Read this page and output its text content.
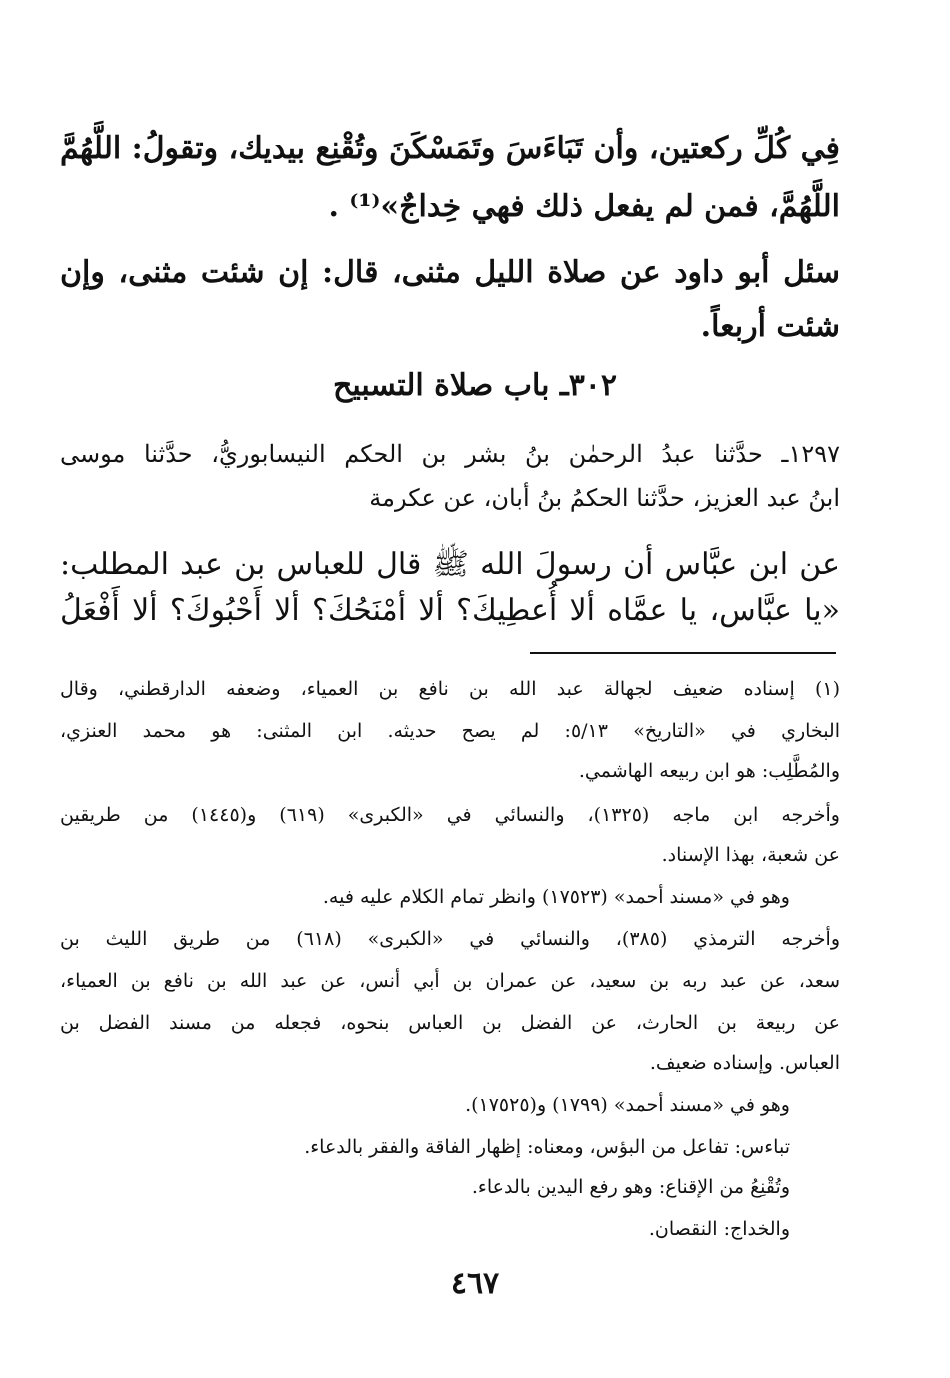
فِي كُلِّ ركعتين، وأن تَبَاءَسَ وتَمَسْكَنَ وتُقْنِع بيديك، وتقولُ: اللَّهُمَّ
اللَّهُمَّ، فمن لم يفعل ذلك فهي خِداجٌ»⁽¹⁾ .
سئل أبو داود عن صلاة الليل مثنى، قال: إن شئت مثنى، وإن
شئت أربعاً.
٣٠٢ـ باب صلاة التسبيح
١٢٩٧ـ حدَّثنا عبدُ الرحمٰن بنُ بشر بن الحكم النيسابوريُّ، حدَّثنا موسى
ابنُ عبد العزيز، حدَّثنا الحكمُ بنُ أبان، عن عكرمة
عن ابن عبَّاس أن رسولَ الله ﷺ قال للعباس بن عبد المطلب:
«يا عبَّاس، يا عمَّاه ألا أُعطِيكَ؟ ألا أمْنَحُكَ؟ ألا أَحْبُوكَ؟ ألا أَفْعَلُ
(١) إسناده ضعيف لجهالة عبد الله بن نافع بن العمياء، وضعفه الدارقطني، وقال
البخاري في «التاريخ» ٥/١٣: لم يصح حديثه. ابن المثنى: هو محمد العنزي،
والمُطَّلِب: هو ابن ربيعه الهاشمي.
وأخرجه ابن ماجه (١٣٢٥)، والنسائي في «الكبرى» (٦١٩) و(١٤٤٥) من طريقين
عن شعبة، بهذا الإسناد.
وهو في «مسند أحمد» (١٧٥٢٣) وانظر تمام الكلام عليه فيه.
وأخرجه الترمذي (٣٨٥)، والنسائي في «الكبرى» (٦١٨) من طريق الليث بن
سعد، عن عبد ربه بن سعيد، عن عمران بن أبي أنس، عن عبد الله بن نافع بن العمياء،
عن ربيعة بن الحارث، عن الفضل بن العباس بنحوه، فجعله من مسند الفضل بن
العباس. وإسناده ضعيف.
وهو في «مسند أحمد» (١٧٩٩) و(١٧٥٢٥).
تباءس: تفاعل من البؤس، ومعناه: إظهار الفاقة والفقر بالدعاء.
وتُقْنِعُ من الإقناع: وهو رفع اليدين بالدعاء.
والخداج: النقصان.
٤٦٧
